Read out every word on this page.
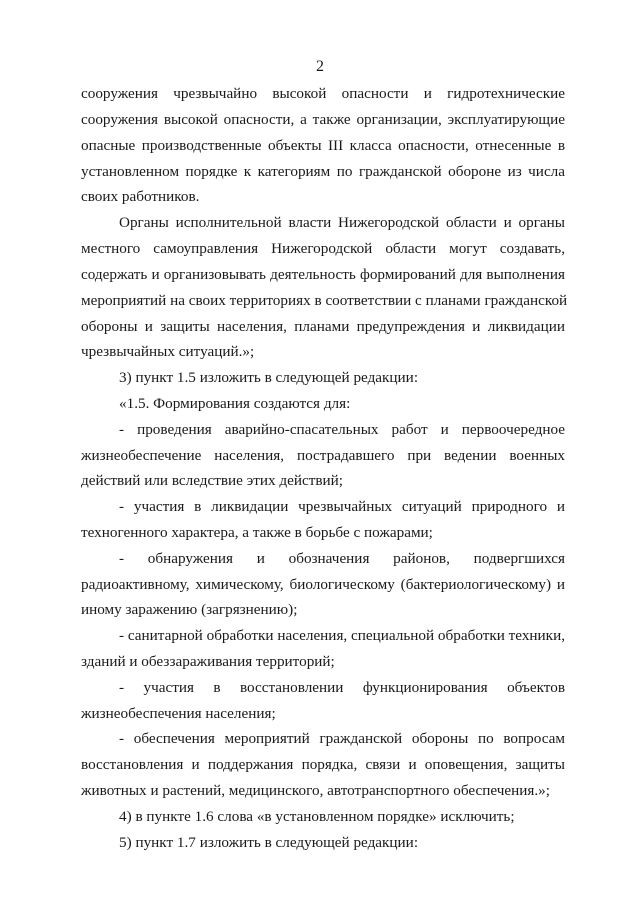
2
сооружения чрезвычайно высокой опасности и гидротехнические
сооружения высокой опасности, а также организации, эксплуатирующие
опасные производственные объекты III класса опасности, отнесенные в
установленном порядке к категориям по гражданской обороне из числа
своих работников.
Органы исполнительной власти Нижегородской области и органы
местного самоуправления Нижегородской области могут создавать,
содержать и организовывать деятельность формирований для выполнения
мероприятий на своих территориях в соответствии с планами гражданской
обороны и защиты населения, планами предупреждения и ликвидации
чрезвычайных ситуаций.»;
3) пункт 1.5 изложить в следующей редакции:
«1.5. Формирования создаются для:
- проведения аварийно-спасательных работ и первоочередное
жизнеобеспечение населения, пострадавшего при ведении военных
действий или вследствие этих действий;
- участия в ликвидации чрезвычайных ситуаций природного и
техногенного характера, а также в борьбе с пожарами;
- обнаружения и обозначения районов, подвергшихся
радиоактивному, химическому, биологическому (бактериологическому) и
иному заражению (загрязнению);
- санитарной обработки населения, специальной обработки техники,
зданий и обеззараживания территорий;
- участия в восстановлении функционирования объектов
жизнеобеспечения населения;
- обеспечения мероприятий гражданской обороны по вопросам
восстановления и поддержания порядка, связи и оповещения, защиты
животных и растений, медицинского, автотранспортного обеспечения.»;
4) в пункте 1.6 слова «в установленном порядке» исключить;
5) пункт 1.7 изложить в следующей редакции:
